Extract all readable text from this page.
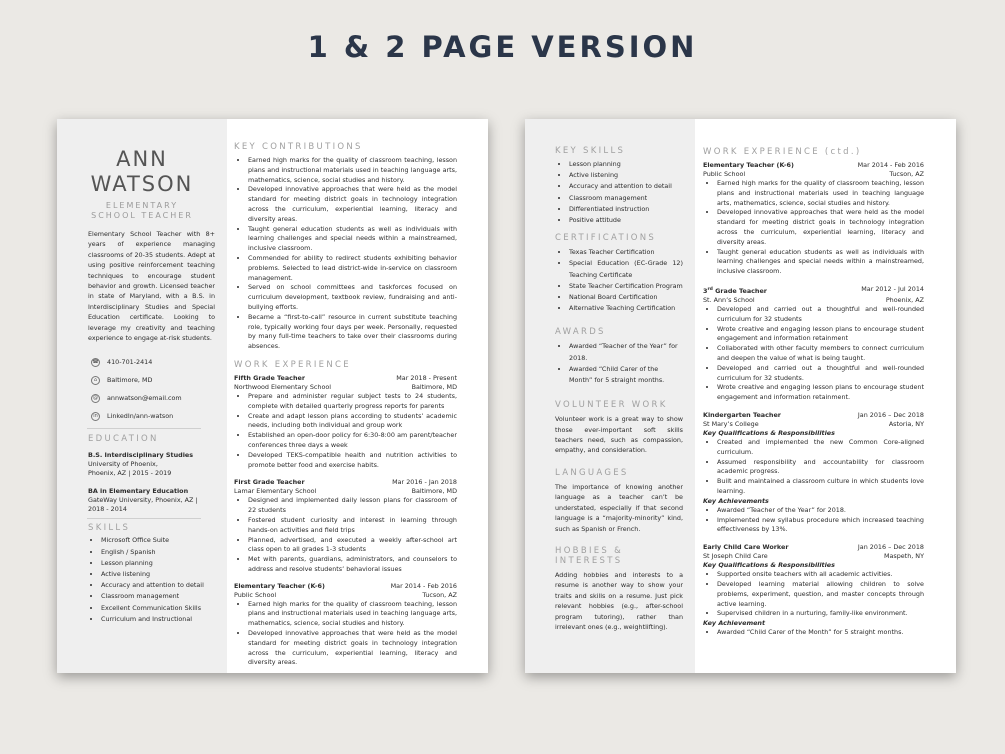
1 & 2 PAGE VERSION
ANN
WATSON
ELEMENTARY
SCHOOL TEACHER
Elementary School Teacher with 8+ years of experience managing classrooms of 20-35 students. Adept at using positive reinforcement teaching techniques to encourage student behavior and growth. Licensed teacher in state of Maryland, with a B.S. in Interdisciplinary Studies and Special Education certificate. Looking to leverage my creativity and teaching experience to engage at-risk students.
☎ 410-701-2414
⌂	Baltimore, MD
@	annwatson@email.com
in	LinkedIn/ann-watson
EDUCATION
B.S. Interdisciplinary Studies
University of Phoenix,
Phoenix, AZ | 2015 - 2019
BA in Elementary Education
GateWay University, Phoenix, AZ |
2018 - 2014
SKILLS
• Microsoft Office Suite
• English / Spanish
• Lesson planning
• Active listening
• Accuracy and attention to detail
• Classroom management
• Excellent Communication Skills
• Curriculum and Instructional
KEY CONTRIBUTIONS
• Earned high marks for the quality of classroom teaching, lesson plans and instructional materials used in teaching language arts, mathematics, science, social studies and history.
• Developed innovative approaches that were held as the model standard for meeting district goals in technology integration across the curriculum, experiential learning, literacy and diversity areas.
• Taught general education students as well as individuals with learning challenges and special needs within a mainstreamed, inclusive classroom.
• Commended for ability to redirect students exhibiting behavior problems. Selected to lead district-wide in-service on classroom management.
• Served on school committees and taskforces focused on curriculum development, textbook review, fundraising and anti-bullying efforts.
• Became a “first-to-call” resource in current substitute teaching role, typically working four days per week. Personally, requested by many full-time teachers to take over their classrooms during absences.
WORK EXPERIENCE
Fifth Grade Teacher	Mar 2018 - Present
Northwood Elementary School	Baltimore, MD
• Prepare and administer regular subject tests to 24 students, complete with detailed quarterly progress reports for parents
• Create and adapt lesson plans according to students’ academic needs, including both individual and group work
• Established an open-door policy for 6:30-8:00 am parent/teacher conferences three days a week
• Developed TEKS-compatible health and nutrition activities to promote better food and exercise habits.
First Grade Teacher	Mar 2016 - Jan 2018
Lamar Elementary School	Baltimore, MD
• Designed and implemented daily lesson plans for classroom of 22 students
• Fostered student curiosity and interest in learning through hands-on activities and field trips
• Planned, advertised, and executed a weekly after-school art class open to all grades 1-3 students
• Met with parents, guardians, administrators, and counselors to address and resolve students’ behavioral issues
Elementary Teacher (K-6)	Mar 2014 - Feb 2016
Public School	Tucson, AZ
• Earned high marks for the quality of classroom teaching, lesson plans and instructional materials used in teaching language arts, mathematics, science, social studies and history.
• Developed innovative approaches that were held as the model standard for meeting district goals in technology integration across the curriculum, experiential learning, literacy and diversity areas.
KEY SKILLS
• Lesson planning
• Active listening
• Accuracy and attention to detail
• Classroom management
• Differentiated instruction
• Positive attitude
CERTIFICATIONS
• Texas Teacher Certification
• Special Education (EC-Grade 12) Teaching Certificate
• State Teacher Certification Program
• National Board Certification
• Alternative Teaching Certification
AWARDS
• Awarded “Teacher of the Year” for 2018.
• Awarded “Child Carer of the Month” for 5 straight months.
VOLUNTEER WORK
Volunteer work is a great way to show those ever-important soft skills teachers need, such as compassion, empathy, and consideration.
LANGUAGES
The importance of knowing another language as a teacher can’t be understated, especially if that second language is a “majority-minority” kind, such as Spanish or French.
HOBBIES & INTERESTS
Adding hobbies and interests to a resume is another way to show your traits and skills on a resume. Just pick relevant hobbies (e.g., after-school program tutoring), rather than irrelevant ones (e.g., weightlifting).
WORK EXPERIENCE (ctd.)
Elementary Teacher (K-6)	Mar 2014 - Feb 2016
Public School	Tucson, AZ
• Earned high marks for the quality of classroom teaching, lesson plans and instructional materials used in teaching language arts, mathematics, science, social studies and history.
• Developed innovative approaches that were held as the model standard for meeting district goals in technology integration across the curriculum, experiential learning, literacy and diversity areas.
• Taught general education students as well as individuals with learning challenges and special needs within a mainstreamed, inclusive classroom.
3rd Grade Teacher	Mar 2012 - Jul 2014
St. Ann’s School	Phoenix, AZ
• Developed and carried out a thoughtful and well-rounded curriculum for 32 students
• Wrote creative and engaging lesson plans to encourage student engagement and information retainment
• Collaborated with other faculty members to connect curriculum and deepen the value of what is being taught.
• Developed and carried out a thoughtful and well-rounded curriculum for 32 students.
• Wrote creative and engaging lesson plans to encourage student engagement and information retainment.
Kindergarten Teacher	Jan 2016 – Dec 2018
St Mary’s College	Astoria, NY
Key Qualifications & Responsibilities
• Created and implemented the new Common Core-aligned curriculum.
• Assumed responsibility and accountability for classroom academic progress.
• Built and maintained a classroom culture in which students love learning.
Key Achievements
• Awarded “Teacher of the Year” for 2018.
• Implemented new syllabus procedure which increased teaching effectiveness by 13%.
Early Child Care Worker	Jan 2016 – Dec 2018
St Joseph Child Care	Maspeth, NY
Key Qualifications & Responsibilities
• Supported onsite teachers with all academic activities.
• Developed learning material allowing children to solve problems, experiment, question, and master concepts through active learning.
• Supervised children in a nurturing, family-like environment.
Key Achievement
• Awarded “Child Carer of the Month” for 5 straight months.
